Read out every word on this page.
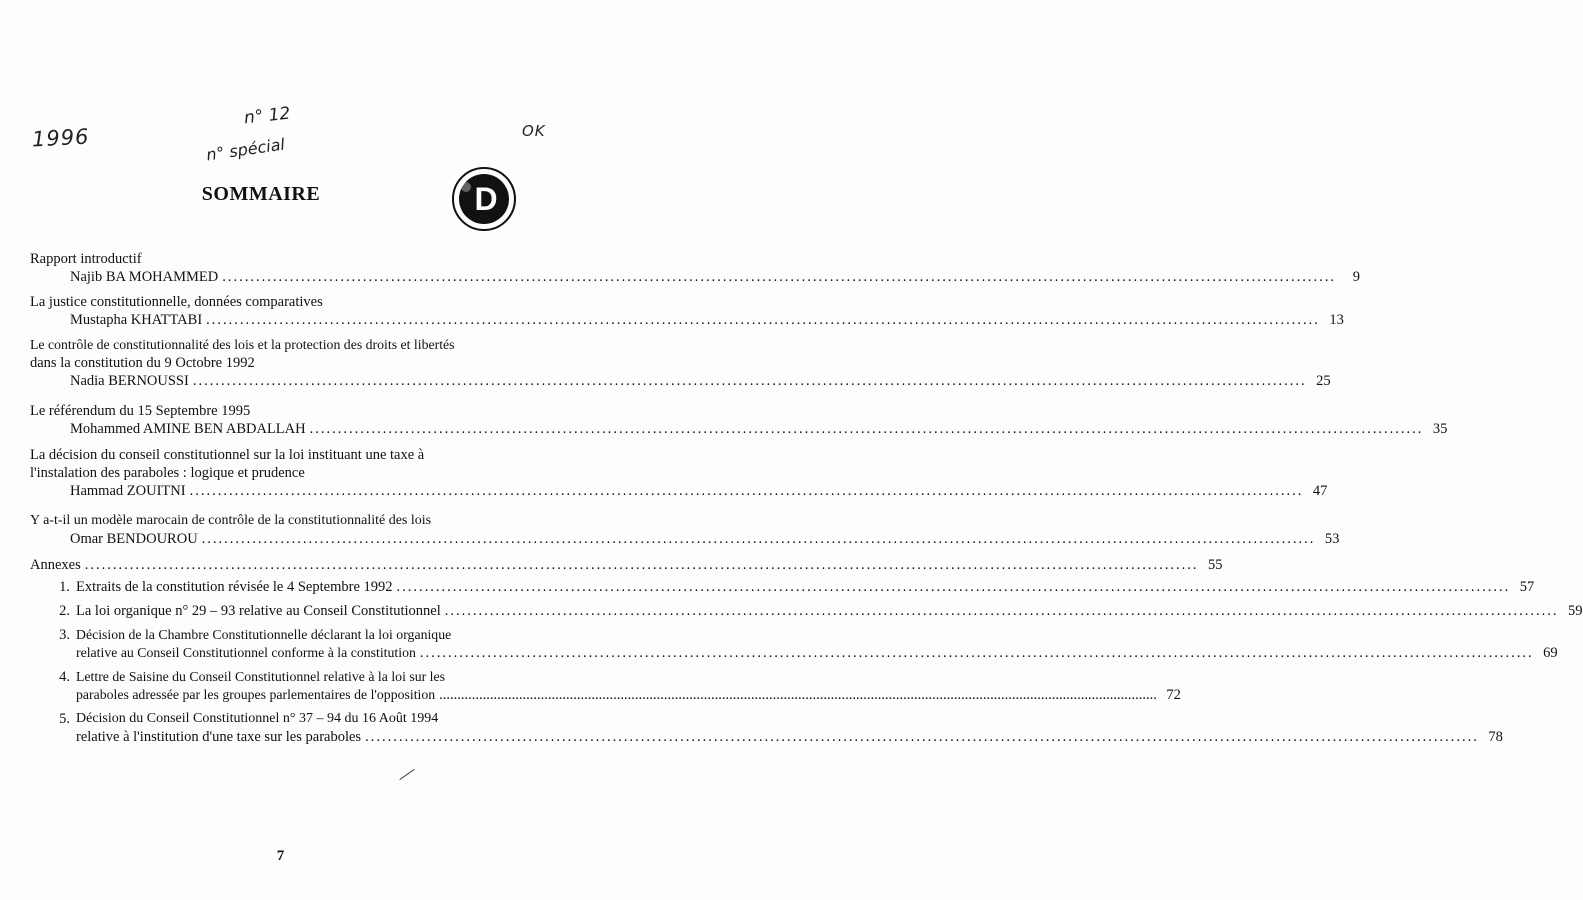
1996
n° 12
n° spécial
OK
SOMMAIRE	D
Rapport introductif
Najib BA MOHAMMED .....	9
La justice constitutionnelle, données comparatives
Mustapha KHATTABI .....	13
Le contrôle de constitutionnalité des lois et la protection des droits et libertés
dans la constitution du 9 Octobre 1992
Nadia BERNOUSSI .....	25
Le référendum du 15 Septembre 1995
Mohammed AMINE BEN ABDALLAH .....	35
La décision du conseil constitutionnel sur la loi instituant une taxe à
l'instalation des paraboles : logique et prudence
Hammad ZOUITNI .....	47
Y a-t-il un modèle marocain de contrôle de la constitutionnalité des lois
Omar BENDOUROU .....	53
Annexes .....	55
1. Extraits de la constitution révisée le 4 Septembre 1992 .....	57
2. La loi organique n° 29 – 93 relative au Conseil Constitutionnel .....	59
3. Décision de la Chambre Constitutionnelle déclarant la loi organique
relative au Conseil Constitutionnel conforme à la constitution .....	69
4. Lettre de Saisine du Conseil Constitutionnel relative à la loi sur les
paraboles adressée par les groupes parlementaires de l'opposition .....	72
5. Décision du Conseil Constitutionnel n° 37 – 94 du 16 Août 1994
relative à l'institution d'une taxe sur les paraboles .....	78
7
